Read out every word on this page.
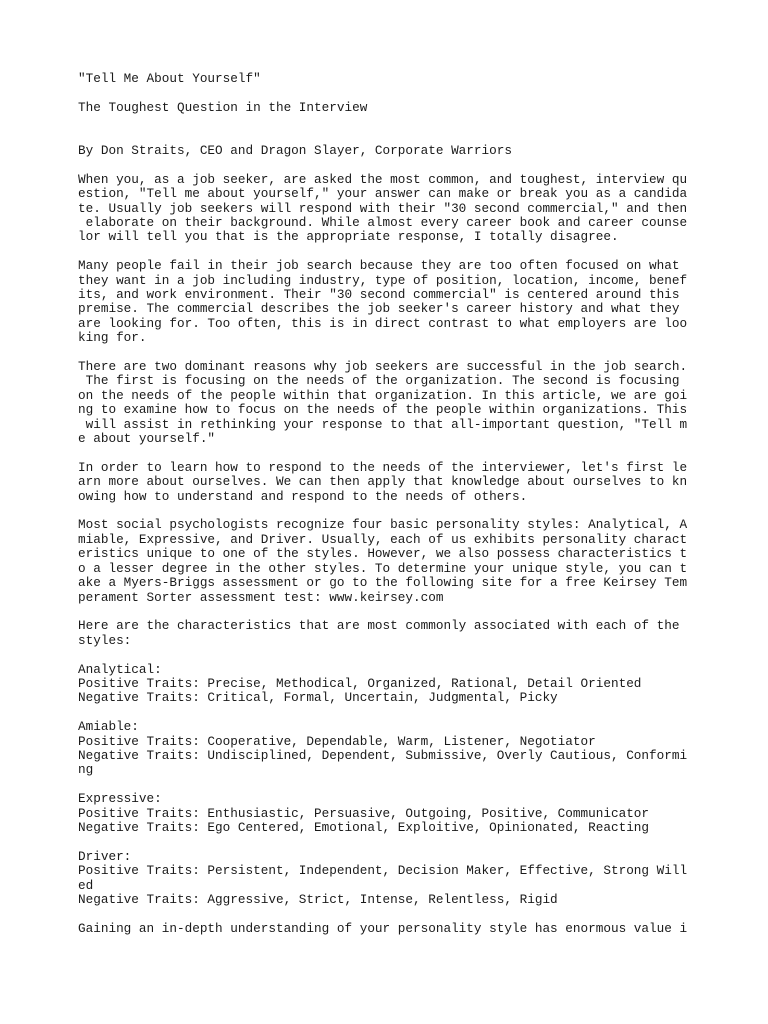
"Tell Me About Yourself"
The Toughest Question in the Interview
By Don Straits, CEO and Dragon Slayer, Corporate Warriors
When you, as a job seeker, are asked the most common, and toughest, interview qu
estion, "Tell me about yourself," your answer can make or break you as a candida
te. Usually job seekers will respond with their "30 second commercial," and then
elaborate on their background. While almost every career book and career counse
lor will tell you that is the appropriate response, I totally disagree.
Many people fail in their job search because they are too often focused on what
they want in a job including industry, type of position, location, income, benef
its, and work environment. Their "30 second commercial" is centered around this
premise. The commercial describes the job seeker's career history and what they
are looking for. Too often, this is in direct contrast to what employers are loo
king for.
There are two dominant reasons why job seekers are successful in the job search.
The first is focusing on the needs of the organization. The second is focusing
on the needs of the people within that organization. In this article, we are goi
ng to examine how to focus on the needs of the people within organizations. This
will assist in rethinking your response to that all-important question, "Tell m
e about yourself."
In order to learn how to respond to the needs of the interviewer, let's first le
arn more about ourselves. We can then apply that knowledge about ourselves to kn
owing how to understand and respond to the needs of others.
Most social psychologists recognize four basic personality styles: Analytical, A
miable, Expressive, and Driver. Usually, each of us exhibits personality charact
eristics unique to one of the styles. However, we also possess characteristics t
o a lesser degree in the other styles. To determine your unique style, you can t
ake a Myers-Briggs assessment or go to the following site for a free Keirsey Tem
perament Sorter assessment test: www.keirsey.com
Here are the characteristics that are most commonly associated with each of the
styles:
Analytical:
Positive Traits: Precise, Methodical, Organized, Rational, Detail Oriented
Negative Traits: Critical, Formal, Uncertain, Judgmental, Picky
Amiable:
Positive Traits: Cooperative, Dependable, Warm, Listener, Negotiator
Negative Traits: Undisciplined, Dependent, Submissive, Overly Cautious, Conformi
ng
Expressive:
Positive Traits: Enthusiastic, Persuasive, Outgoing, Positive, Communicator
Negative Traits: Ego Centered, Emotional, Exploitive, Opinionated, Reacting
Driver:
Positive Traits: Persistent, Independent, Decision Maker, Effective, Strong Will
ed
Negative Traits: Aggressive, Strict, Intense, Relentless, Rigid
Gaining an in-depth understanding of your personality style has enormous value i
